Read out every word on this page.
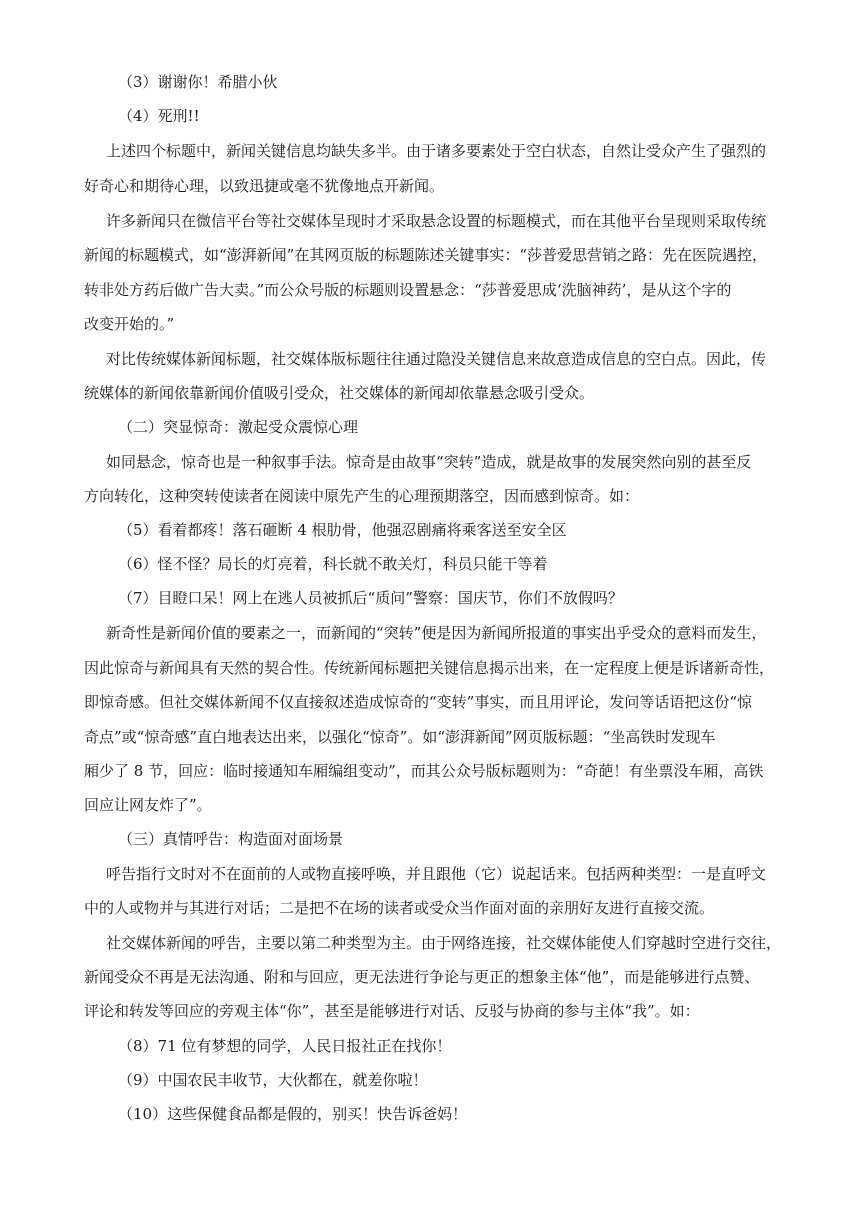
（3）谢谢你！希腊小伙
（4）死刑!!
上述四个标题中，新闻关键信息均缺失多半。由于诸多要素处于空白状态，自然让受众产生了强烈的
好奇心和期待心理，以致迅捷或毫不犹像地点开新闻。
许多新闻只在微信平台等社交媒体呈现时才采取悬念设置的标题模式，而在其他平台呈现则采取传统
新闻的标题模式，如“澎湃新闻”在其网页版的标题陈述关键事实：“莎普爱思营销之路：先在医院遇控，
转非处方药后做广告大卖。”而公众号版的标题则设置悬念：“莎普爱思成‘洗脑神药’，是从这个字的
改变开始的。”
对比传统媒体新闻标题，社交媒体版标题往往通过隐没关键信息来故意造成信息的空白点。因此，传
统媒体的新闻依靠新闻价值吸引受众，社交媒体的新闻却依靠悬念吸引受众。
（二）突显惊奇：激起受众震惊心理
如同悬念，惊奇也是一种叙事手法。惊奇是由故事“突转”造成，就是故事的发展突然向别的甚至反
方向转化，这种突转使读者在阅读中原先产生的心理预期落空，因而感到惊奇。如：
（5）看着都疼！落石砸断 4 根肋骨，他强忍剧痛将乘客送至安全区
（6）怪不怪？局长的灯亮着，科长就不敢关灯，科员只能干等着
（7）目瞪口呆！网上在逃人员被抓后“质问”警察：国庆节，你们不放假吗？
新奇性是新闻价值的要素之一，而新闻的“突转”便是因为新闻所报道的事实出乎受众的意料而发生，
因此惊奇与新闻具有天然的契合性。传统新闻标题把关键信息揭示出来，在一定程度上便是诉诸新奇性，
即惊奇感。但社交媒体新闻不仅直接叙述造成惊奇的“变转”事实，而且用评论，发问等话语把这份“惊
奇点”或“惊奇感”直白地表达出来，以强化“惊奇”。如“澎湃新闻”网页版标题：“坐高铁时发现车
厢少了 8 节，回应：临时接通知车厢编组变动”，而其公众号版标题则为：“奇葩！有坐票没车厢，高铁
回应让网友炸了”。
（三）真情呼告：构造面对面场景
呼告指行文时对不在面前的人或物直接呼唤，并且跟他（它）说起话来。包括两种类型：一是直呼文
中的人或物并与其进行对话；二是把不在场的读者或受众当作面对面的亲朋好友进行直接交流。
社交媒体新闻的呼告，主要以第二种类型为主。由于网络连接，社交媒体能使人们穿越时空进行交往，
新闻受众不再是无法沟通、附和与回应，更无法进行争论与更正的想象主体“他”，而是能够进行点赞、
评论和转发等回应的旁观主体“你”，甚至是能够进行对话、反驳与协商的参与主体“我”。如：
（8）71 位有梦想的同学，人民日报社正在找你！
（9）中国农民丰收节，大伙都在，就差你啦！
（10）这些保健食品都是假的，别买！快告诉爸妈！
